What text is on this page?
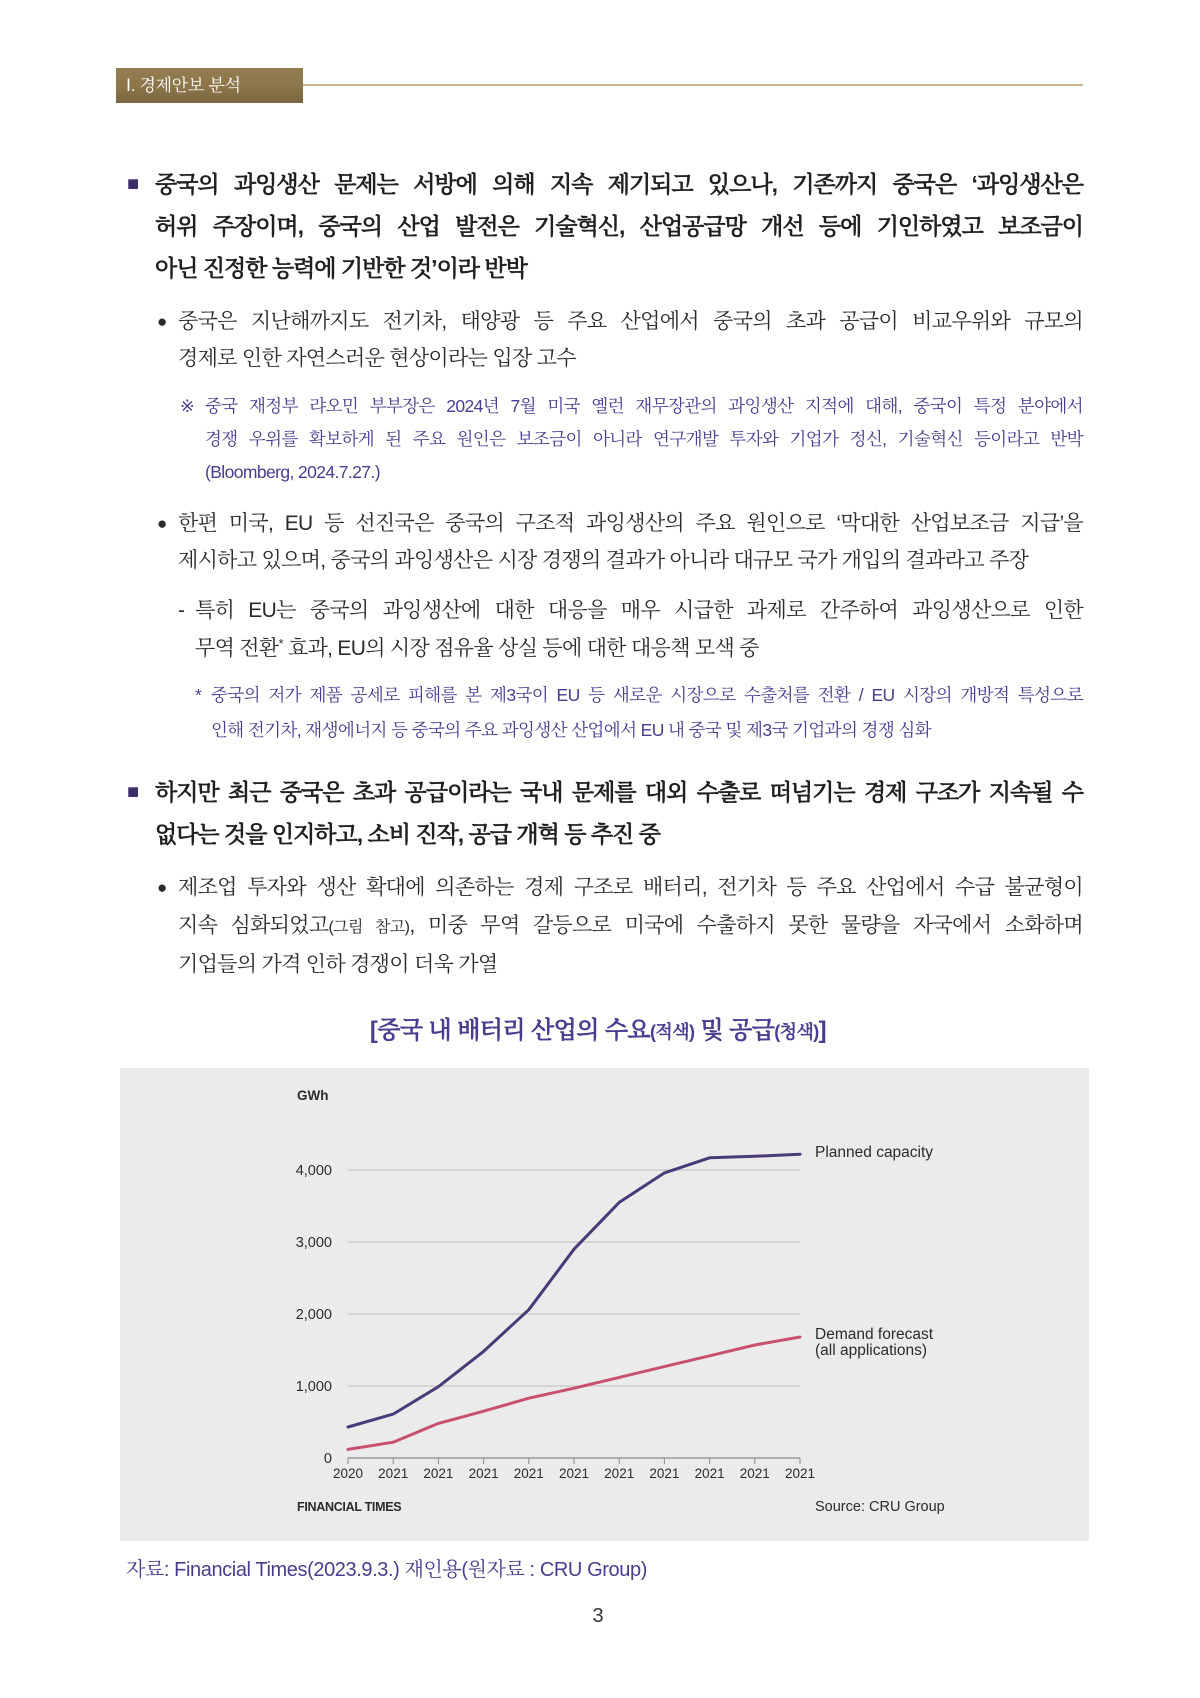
Ⅰ. 경제안보 분석
■ 중국의 과잉생산 문제는 서방에 의해 지속 제기되고 있으나, 기존까지 중국은 ‘과잉생산은
허위 주장이며, 중국의 산업 발전은 기술혁신, 산업공급망 개선 등에 기인하였고 보조금이
아닌 진정한 능력에 기반한 것’이라 반박
● 중국은 지난해까지도 전기차, 태양광 등 주요 산업에서 중국의 초과 공급이 비교우위와 규모의
경제로 인한 자연스러운 현상이라는 입장 고수
※ 중국 재정부 랴오민 부부장은 2024년 7월 미국 옐런 재무장관의 과잉생산 지적에 대해, 중국이 특정 분야에서
경쟁 우위를 확보하게 된 주요 원인은 보조금이 아니라 연구개발 투자와 기업가 정신, 기술혁신 등이라고 반박
(Bloomberg, 2024.7.27.)
● 한편 미국, EU 등 선진국은 중국의 구조적 과잉생산의 주요 원인으로 ‘막대한 산업보조금 지급’을
제시하고 있으며, 중국의 과잉생산은 시장 경쟁의 결과가 아니라 대규모 국가 개입의 결과라고 주장
- 특히 EU는 중국의 과잉생산에 대한 대응을 매우 시급한 과제로 간주하여 과잉생산으로 인한
무역 전환* 효과, EU의 시장 점유율 상실 등에 대한 대응책 모색 중
* 중국의 저가 제품 공세로 피해를 본 제3국이 EU 등 새로운 시장으로 수출처를 전환 / EU 시장의 개방적 특성으로
인해 전기차, 재생에너지 등 중국의 주요 과잉생산 산업에서 EU 내 중국 및 제3국 기업과의 경쟁 심화
■ 하지만 최근 중국은 초과 공급이라는 국내 문제를 대외 수출로 떠넘기는 경제 구조가 지속될 수
없다는 것을 인지하고, 소비 진작, 공급 개혁 등 추진 중
● 제조업 투자와 생산 확대에 의존하는 경제 구조로 배터리, 전기차 등 주요 산업에서 수급 불균형이
지속 심화되었고(그림 참고), 미중 무역 갈등으로 미국에 수출하지 못한 물량을 자국에서 소화하며
기업들의 가격 인하 경쟁이 더욱 가열
[중국 내 배터리 산업의 수요(적색) 및 공급(청색)]
0
1,000
2,000
3,000
4,000
2020 2021 2021 2021 2021 2021 2021 2021 2021 2021 2021
GWh
Planned capacity
Demand forecast
(all applications)
FINANCIAL TIMES	Source: CRU Group
자료: Financial Times(2023.9.3.) 재인용(원자료 : CRU Group)
3
